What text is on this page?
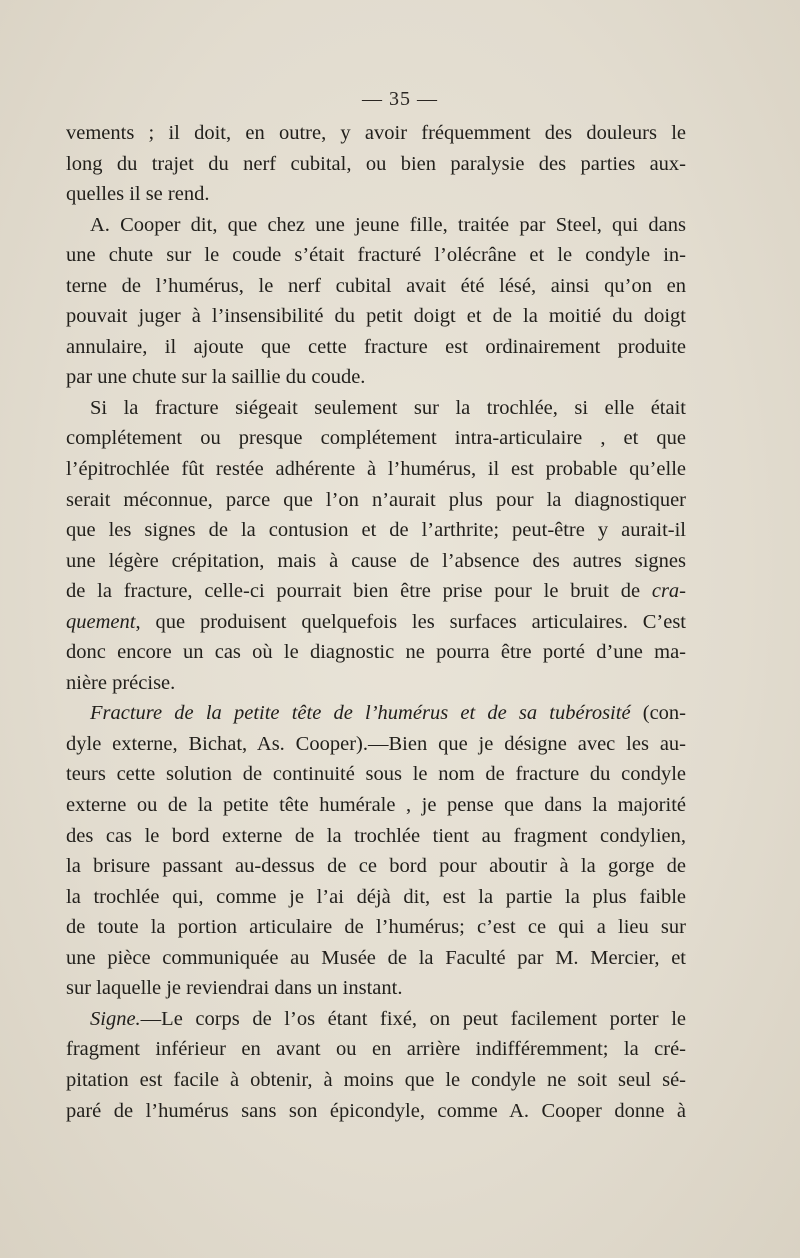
— 35 —
vements ; il doit, en outre, y avoir fréquemment des douleurs le
long du trajet du nerf cubital, ou bien paralysie des parties aux-
quelles il se rend.
A. Cooper dit, que chez une jeune fille, traitée par Steel, qui dans
une chute sur le coude s’était fracturé l’olécrâne et le condyle in-
terne de l’humérus, le nerf cubital avait été lésé, ainsi qu’on en
pouvait juger à l’insensibilité du petit doigt et de la moitié du doigt
annulaire, il ajoute que cette fracture est ordinairement produite
par une chute sur la saillie du coude.
Si la fracture siégeait seulement sur la trochlée, si elle était
complétement ou presque complétement intra-articulaire , et que
l’épitrochlée fût restée adhérente à l’humérus, il est probable qu’elle
serait méconnue, parce que l’on n’aurait plus pour la diagnostiquer
que les signes de la contusion et de l’arthrite; peut-être y aurait-il
une légère crépitation, mais à cause de l’absence des autres signes
de la fracture, celle-ci pourrait bien être prise pour le bruit de cra-
quement, que produisent quelquefois les surfaces articulaires. C’est
donc encore un cas où le diagnostic ne pourra être porté d’une ma-
nière précise.
Fracture de la petite tête de l’humérus et de sa tubérosité (con-
dyle externe, Bichat, As. Cooper).—Bien que je désigne avec les au-
teurs cette solution de continuité sous le nom de fracture du condyle
externe ou de la petite tête humérale , je pense que dans la majorité
des cas le bord externe de la trochlée tient au fragment condylien,
la brisure passant au-dessus de ce bord pour aboutir à la gorge de
la trochlée qui, comme je l’ai déjà dit, est la partie la plus faible
de toute la portion articulaire de l’humérus; c’est ce qui a lieu sur
une pièce communiquée au Musée de la Faculté par M. Mercier, et
sur laquelle je reviendrai dans un instant.
Signe.—Le corps de l’os étant fixé, on peut facilement porter le
fragment inférieur en avant ou en arrière indifféremment; la cré-
pitation est facile à obtenir, à moins que le condyle ne soit seul sé-
paré de l’humérus sans son épicondyle, comme A. Cooper donne à
